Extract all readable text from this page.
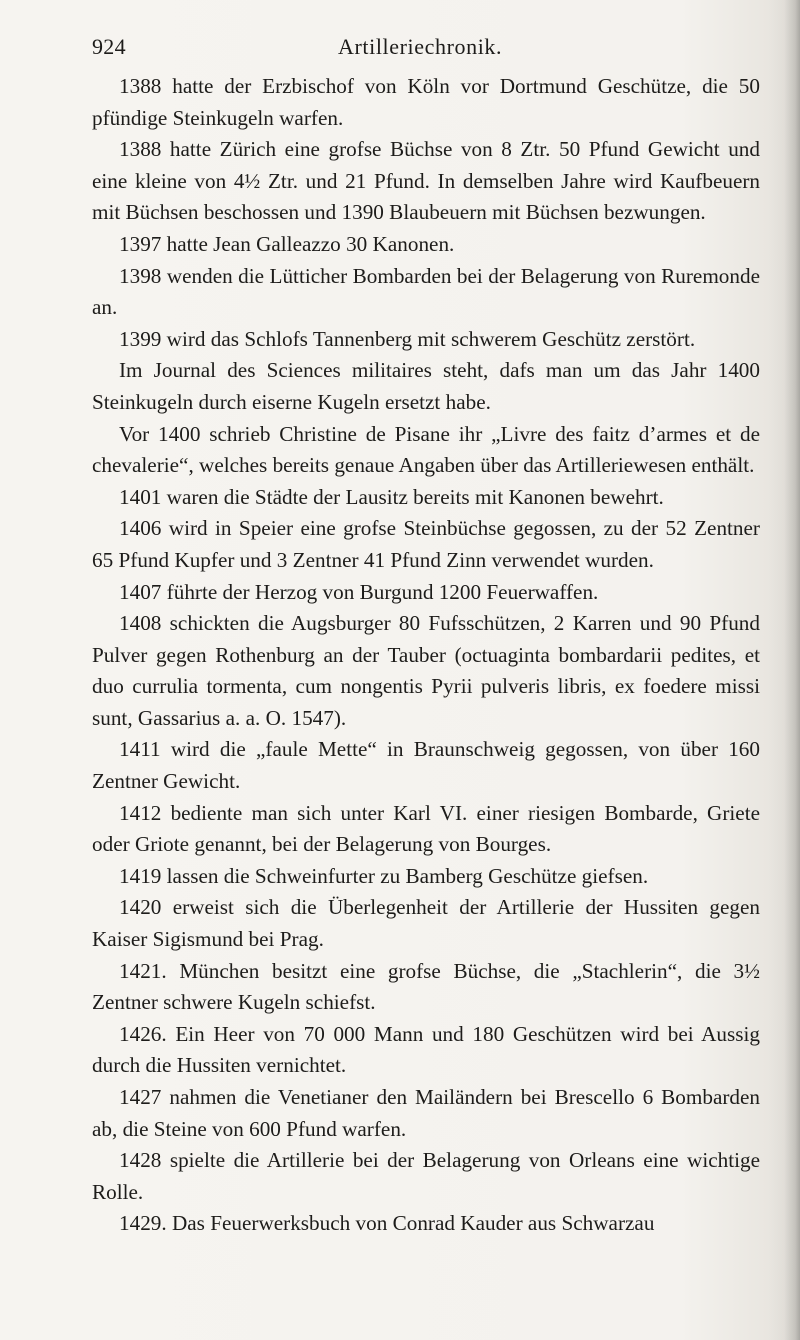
924	Artilleriechronik.

1388 hatte der Erzbischof von Köln vor Dortmund Geschütze, die 50 pfündige Steinkugeln warfen.

1388 hatte Zürich eine grofse Büchse von 8 Ztr. 50 Pfund Gewicht und eine kleine von 4½ Ztr. und 21 Pfund. In demselben Jahre wird Kaufbeuern mit Büchsen beschossen und 1390 Blaubeuern mit Büchsen bezwungen.

1397 hatte Jean Galleazzo 30 Kanonen.

1398 wenden die Lütticher Bombarden bei der Belagerung von Ruremonde an.

1399 wird das Schlofs Tannenberg mit schwerem Geschütz zerstört.

Im Journal des Sciences militaires steht, dafs man um das Jahr 1400 Steinkugeln durch eiserne Kugeln ersetzt habe.

Vor 1400 schrieb Christine de Pisane ihr „Livre des faitz d’armes et de chevalerie“, welches bereits genaue Angaben über das Artilleriewesen enthält.

1401 waren die Städte der Lausitz bereits mit Kanonen bewehrt.

1406 wird in Speier eine grofse Steinbüchse gegossen, zu der 52 Zentner 65 Pfund Kupfer und 3 Zentner 41 Pfund Zinn verwendet wurden.

1407 führte der Herzog von Burgund 1200 Feuerwaffen.

1408 schickten die Augsburger 80 Fufsschützen, 2 Karren und 90 Pfund Pulver gegen Rothenburg an der Tauber (octuaginta bombardarii pedites, et duo currulia tormenta, cum nongentis Pyrii pulveris libris, ex foedere missi sunt, Gassarius a. a. O. 1547).

1411 wird die „faule Mette“ in Braunschweig gegossen, von über 160 Zentner Gewicht.

1412 bediente man sich unter Karl VI. einer riesigen Bombarde, Griete oder Griote genannt, bei der Belagerung von Bourges.

1419 lassen die Schweinfurter zu Bamberg Geschütze giefsen.

1420 erweist sich die Überlegenheit der Artillerie der Hussiten gegen Kaiser Sigismund bei Prag.

1421. München besitzt eine grofse Büchse, die „Stachlerin“, die 3½ Zentner schwere Kugeln schiefst.

1426. Ein Heer von 70 000 Mann und 180 Geschützen wird bei Aussig durch die Hussiten vernichtet.

1427 nahmen die Venetianer den Mailändern bei Brescello 6 Bombarden ab, die Steine von 600 Pfund warfen.

1428 spielte die Artillerie bei der Belagerung von Orleans eine wichtige Rolle.

1429. Das Feuerwerksbuch von Conrad Kauder aus Schwarzau
